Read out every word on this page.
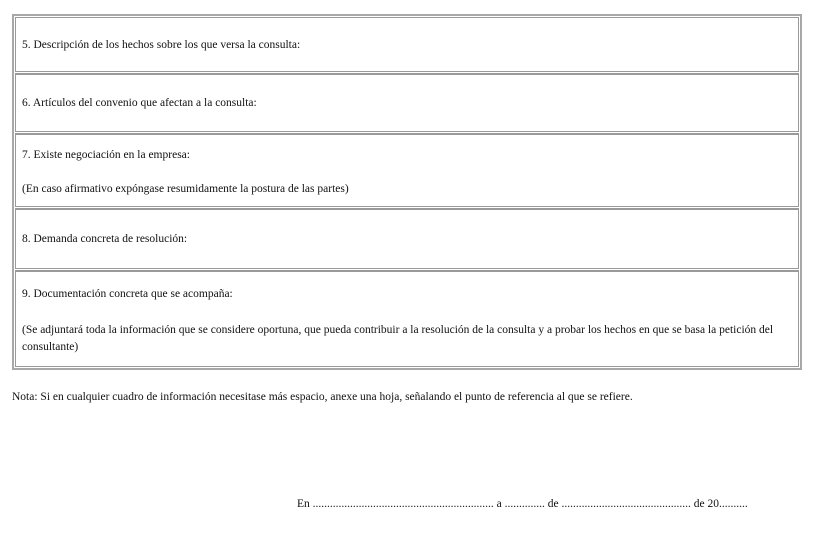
5. Descripción de los hechos sobre los que versa la consulta:
6. Artículos del convenio que afectan a la consulta:
7. Existe negociación en la empresa:
(En caso afirmativo expóngase resumidamente la postura de las partes)
8. Demanda concreta de resolución:
9. Documentación concreta que se acompaña:
(Se adjuntará toda la información que se considere oportuna, que pueda contribuir a la resolución de la consulta y a probar los hechos en que se basa la petición del consultante)
Nota: Si en cualquier cuadro de información necesitase más espacio, anexe una hoja, señalando el punto de referencia al que se refiere.
En ............................................................... a .............. de ............................................. de 20..........
